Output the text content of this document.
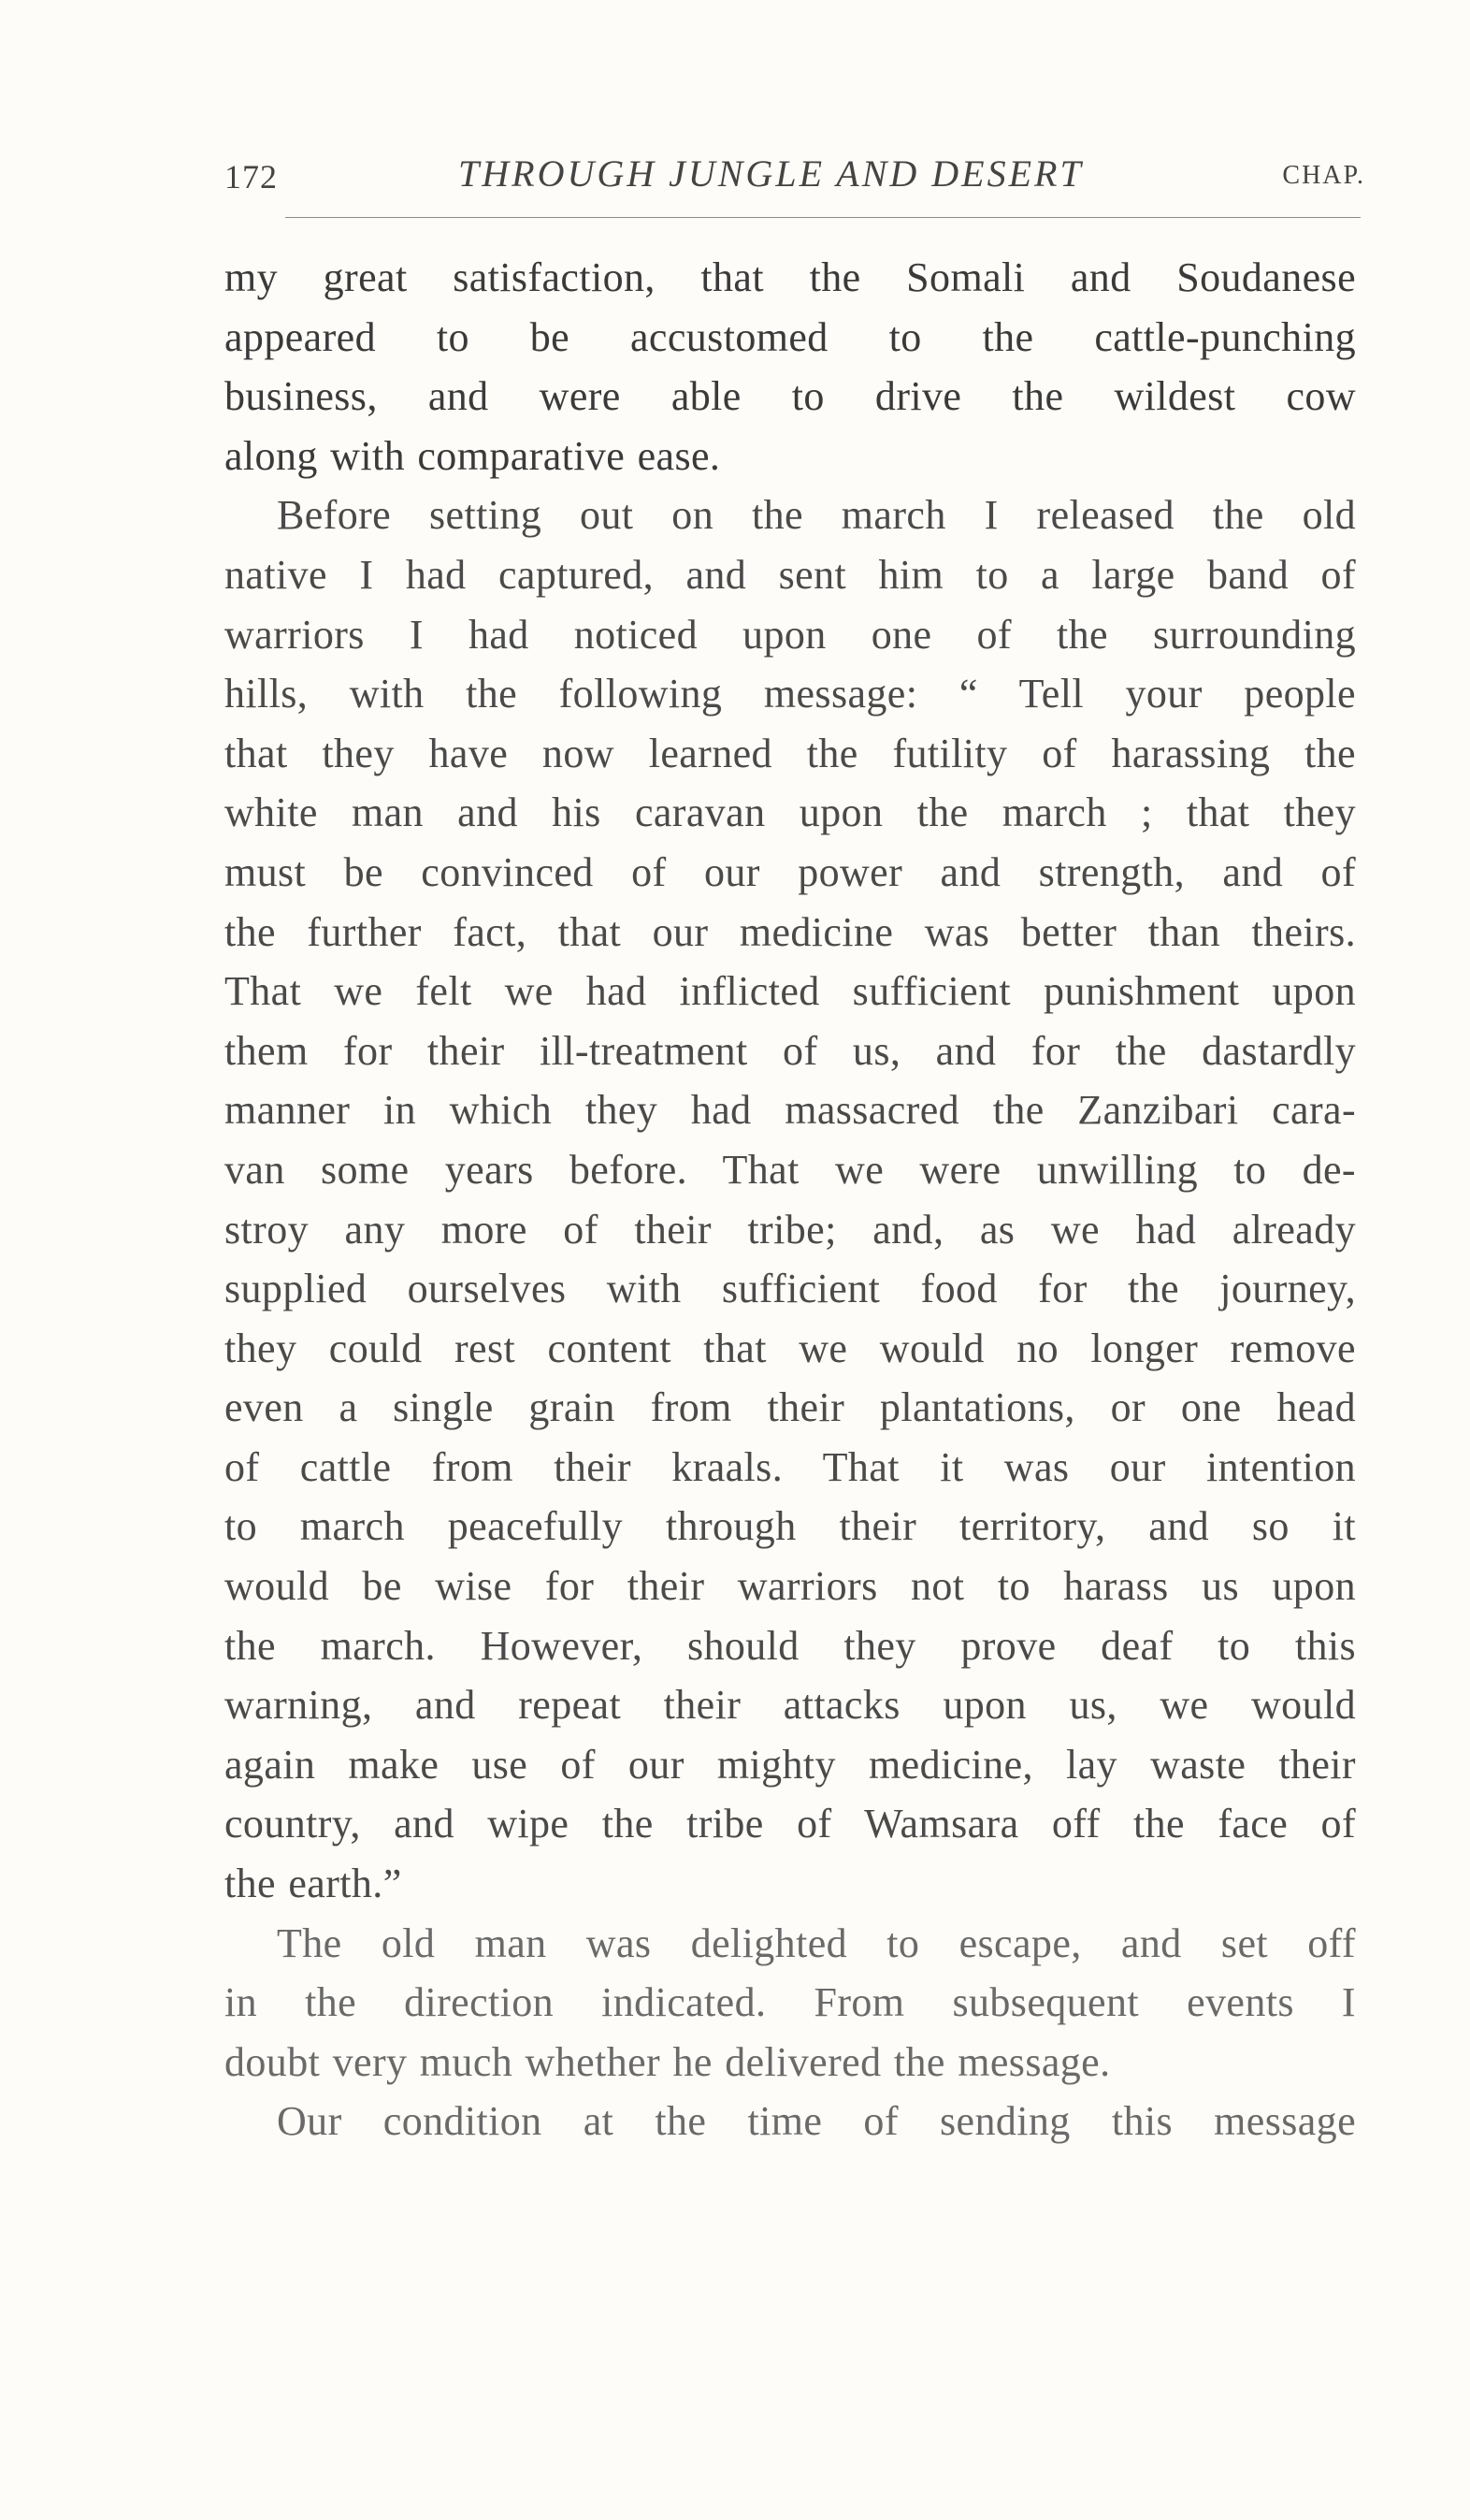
172	THROUGH JUNGLE AND DESERT	CHAP.
my great satisfaction, that the Somali and Soudanese
appeared to be accustomed to the cattle-punching
business, and were able to drive the wildest cow
along with comparative ease.
Before setting out on the march I released the old
native I had captured, and sent him to a large band of
warriors I had noticed upon one of the surrounding
hills, with the following message: “ Tell your people
that they have now learned the futility of harassing the
white man and his caravan upon the march ; that they
must be convinced of our power and strength, and of
the further fact, that our medicine was better than theirs.
That we felt we had inflicted sufficient punishment upon
them for their ill-treatment of us, and for the dastardly
manner in which they had massacred the Zanzibari cara-
van some years before. That we were unwilling to de-
stroy any more of their tribe; and, as we had already
supplied ourselves with sufficient food for the journey,
they could rest content that we would no longer remove
even a single grain from their plantations, or one head
of cattle from their kraals. That it was our intention
to march peacefully through their territory, and so it
would be wise for their warriors not to harass us upon
the march. However, should they prove deaf to this
warning, and repeat their attacks upon us, we would
again make use of our mighty medicine, lay waste their
country, and wipe the tribe of Wamsara off the face of
the earth.”
The old man was delighted to escape, and set off
in the direction indicated. From subsequent events I
doubt very much whether he delivered the message.
Our condition at the time of sending this message
